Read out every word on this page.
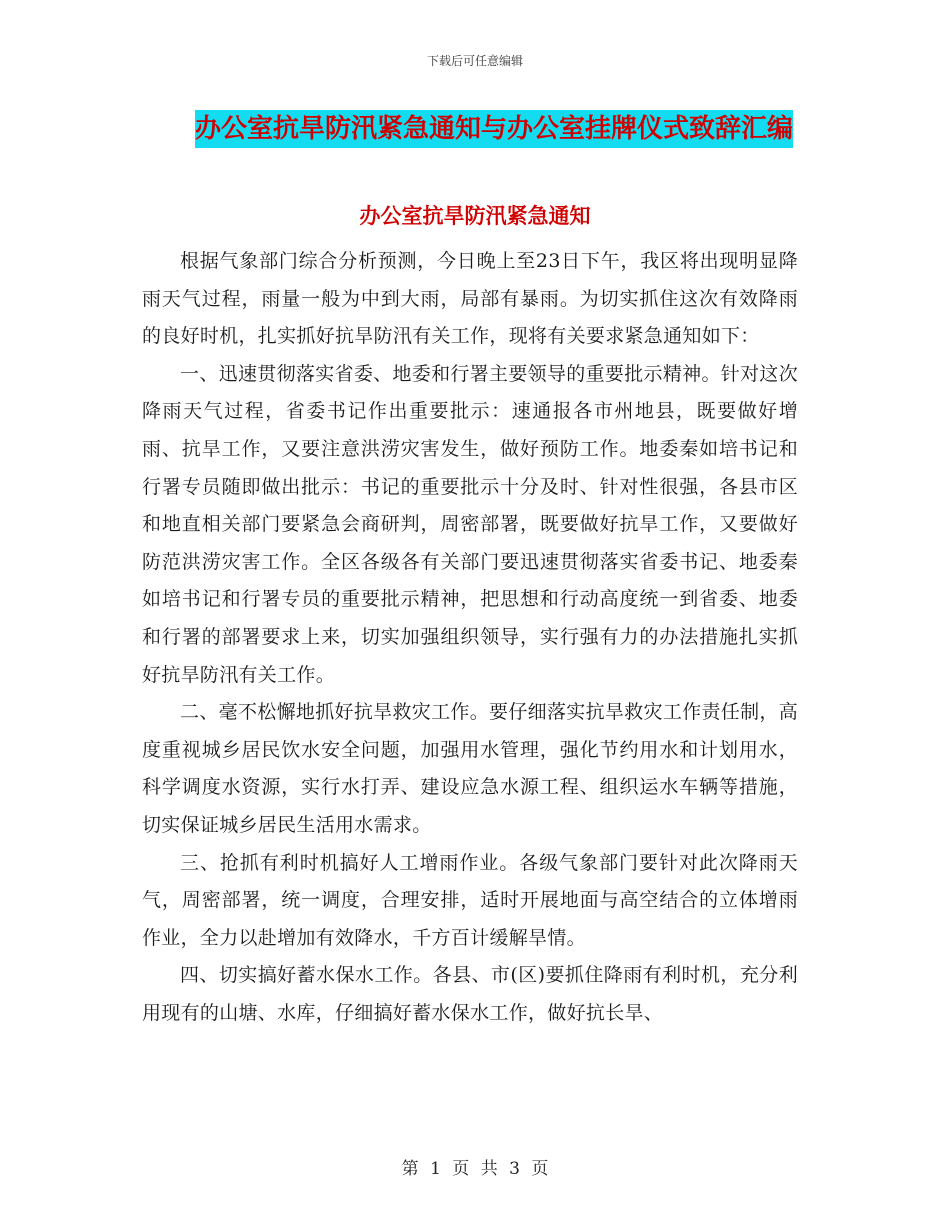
下载后可任意编辑
办公室抗旱防汛紧急通知与办公室挂牌仪式致辞汇编
办公室抗旱防汛紧急通知

根据气象部门综合分析预测，今日晚上至23日下午，我区将出现明显降雨天气过程，雨量一般为中到大雨，局部有暴雨。为切实抓住这次有效降雨的良好时机，扎实抓好抗旱防汛有关工作，现将有关要求紧急通知如下：

一、迅速贯彻落实省委、地委和行署主要领导的重要批示精神。针对这次降雨天气过程，省委书记作出重要批示：速通报各市州地县，既要做好增雨、抗旱工作，又要注意洪涝灾害发生，做好预防工作。地委秦如培书记和行署专员随即做出批示：书记的重要批示十分及时、针对性很强，各县市区和地直相关部门要紧急会商研判，周密部署，既要做好抗旱工作，又要做好防范洪涝灾害工作。全区各级各有关部门要迅速贯彻落实省委书记、地委秦如培书记和行署专员的重要批示精神，把思想和行动高度统一到省委、地委和行署的部署要求上来，切实加强组织领导，实行强有力的办法措施扎实抓好抗旱防汛有关工作。

二、毫不松懈地抓好抗旱救灾工作。要仔细落实抗旱救灾工作责任制，高度重视城乡居民饮水安全问题，加强用水管理，强化节约用水和计划用水，科学调度水资源，实行水打弄、建设应急水源工程、组织运水车辆等措施，切实保证城乡居民生活用水需求。

三、抢抓有利时机搞好人工增雨作业。各级气象部门要针对此次降雨天气，周密部署，统一调度，合理安排，适时开展地面与高空结合的立体增雨作业，全力以赴增加有效降水，千方百计缓解旱情。

四、切实搞好蓄水保水工作。各县、市(区)要抓住降雨有利时机，充分利用现有的山塘、水库，仔细搞好蓄水保水工作，做好抗长旱、

第 1 页 共 3 页
